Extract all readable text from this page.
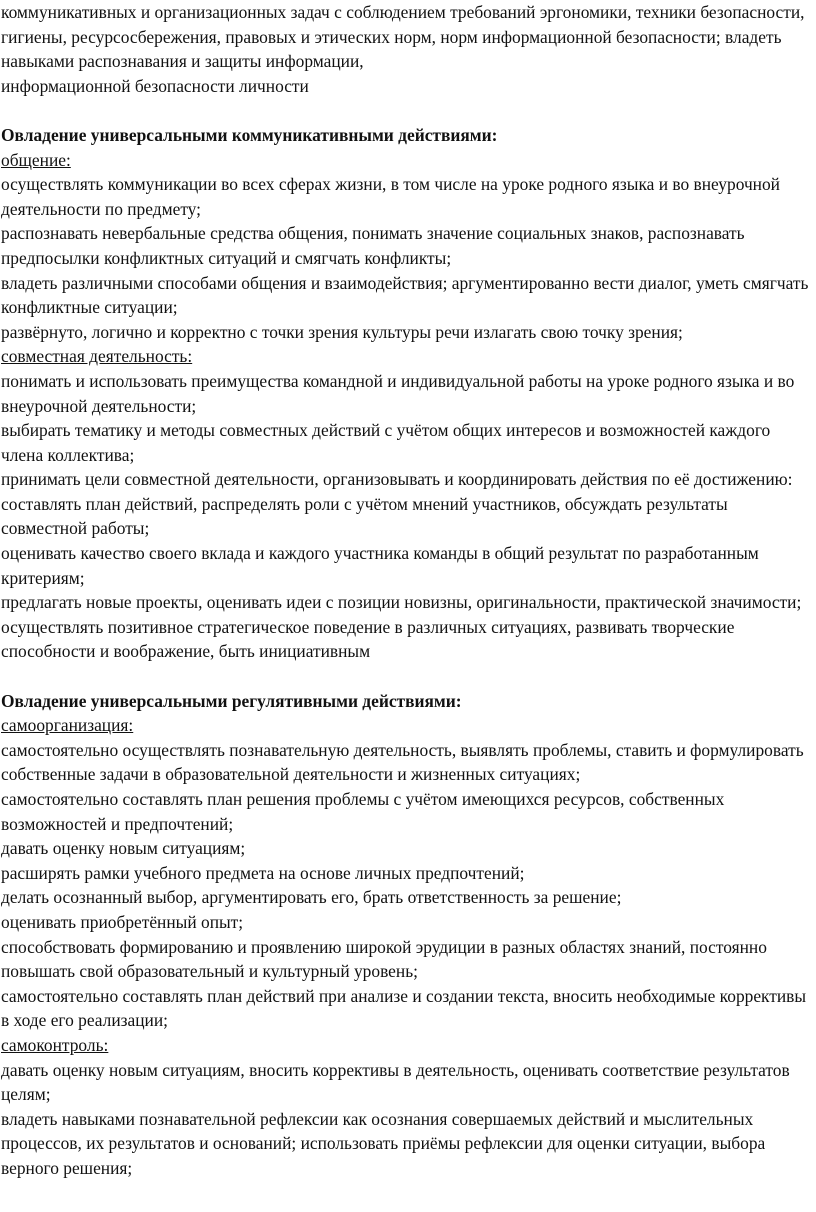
коммуникативных и организационных задач с соблюдением требований эргономики, техники безопасности, гигиены, ресурсосбережения, правовых и этических норм, норм информационной безопасности; владеть навыками распознавания и защиты информации,

информационной безопасности личности

Овладение универсальными коммуникативными действиями:

общение:

осуществлять коммуникации во всех сферах жизни, в том числе на уроке родного языка и во внеурочной деятельности по предмету;

распознавать невербальные средства общения, понимать значение социальных знаков, распознавать предпосылки конфликтных ситуаций и смягчать конфликты;

владеть различными способами общения и взаимодействия; аргументированно вести диалог, уметь смягчать конфликтные ситуации;

развёрнуто, логично и корректно с точки зрения культуры речи излагать свою точку зрения;

совместная деятельность:

понимать и использовать преимущества командной и индивидуальной работы на уроке родного языка и во внеурочной деятельности;

выбирать тематику и методы совместных действий с учётом общих интересов и возможностей каждого члена коллектива;

принимать цели совместной деятельности, организовывать и координировать действия по её достижению: составлять план действий, распределять роли с учётом мнений участников, обсуждать результаты совместной работы;

оценивать качество своего вклада и каждого участника команды в общий результат по разработанным критериям;

предлагать новые проекты, оценивать идеи с позиции новизны, оригинальности, практической значимости;

осуществлять позитивное стратегическое поведение в различных ситуациях, развивать творческие способности и воображение, быть инициативным

Овладение универсальными регулятивными действиями:

самоорганизация:

самостоятельно осуществлять познавательную деятельность, выявлять проблемы, ставить и формулировать собственные задачи в образовательной деятельности и жизненных ситуациях;

самостоятельно составлять план решения проблемы с учётом имеющихся ресурсов, собственных возможностей и предпочтений;

давать оценку новым ситуациям;

расширять рамки учебного предмета на основе личных предпочтений;

делать осознанный выбор, аргументировать его, брать ответственность за решение;

оценивать приобретённый опыт;

способствовать формированию и проявлению широкой эрудиции в разных областях знаний, постоянно повышать свой образовательный и культурный уровень;

самостоятельно составлять план действий при анализе и создании текста, вносить необходимые коррективы в ходе его реализации;

самоконтроль:

давать оценку новым ситуациям, вносить коррективы в деятельность, оценивать соответствие результатов целям;

владеть навыками познавательной рефлексии как осознания совершаемых действий и мыслительных процессов, их результатов и оснований; использовать приёмы рефлексии для оценки ситуации, выбора верного решения;
